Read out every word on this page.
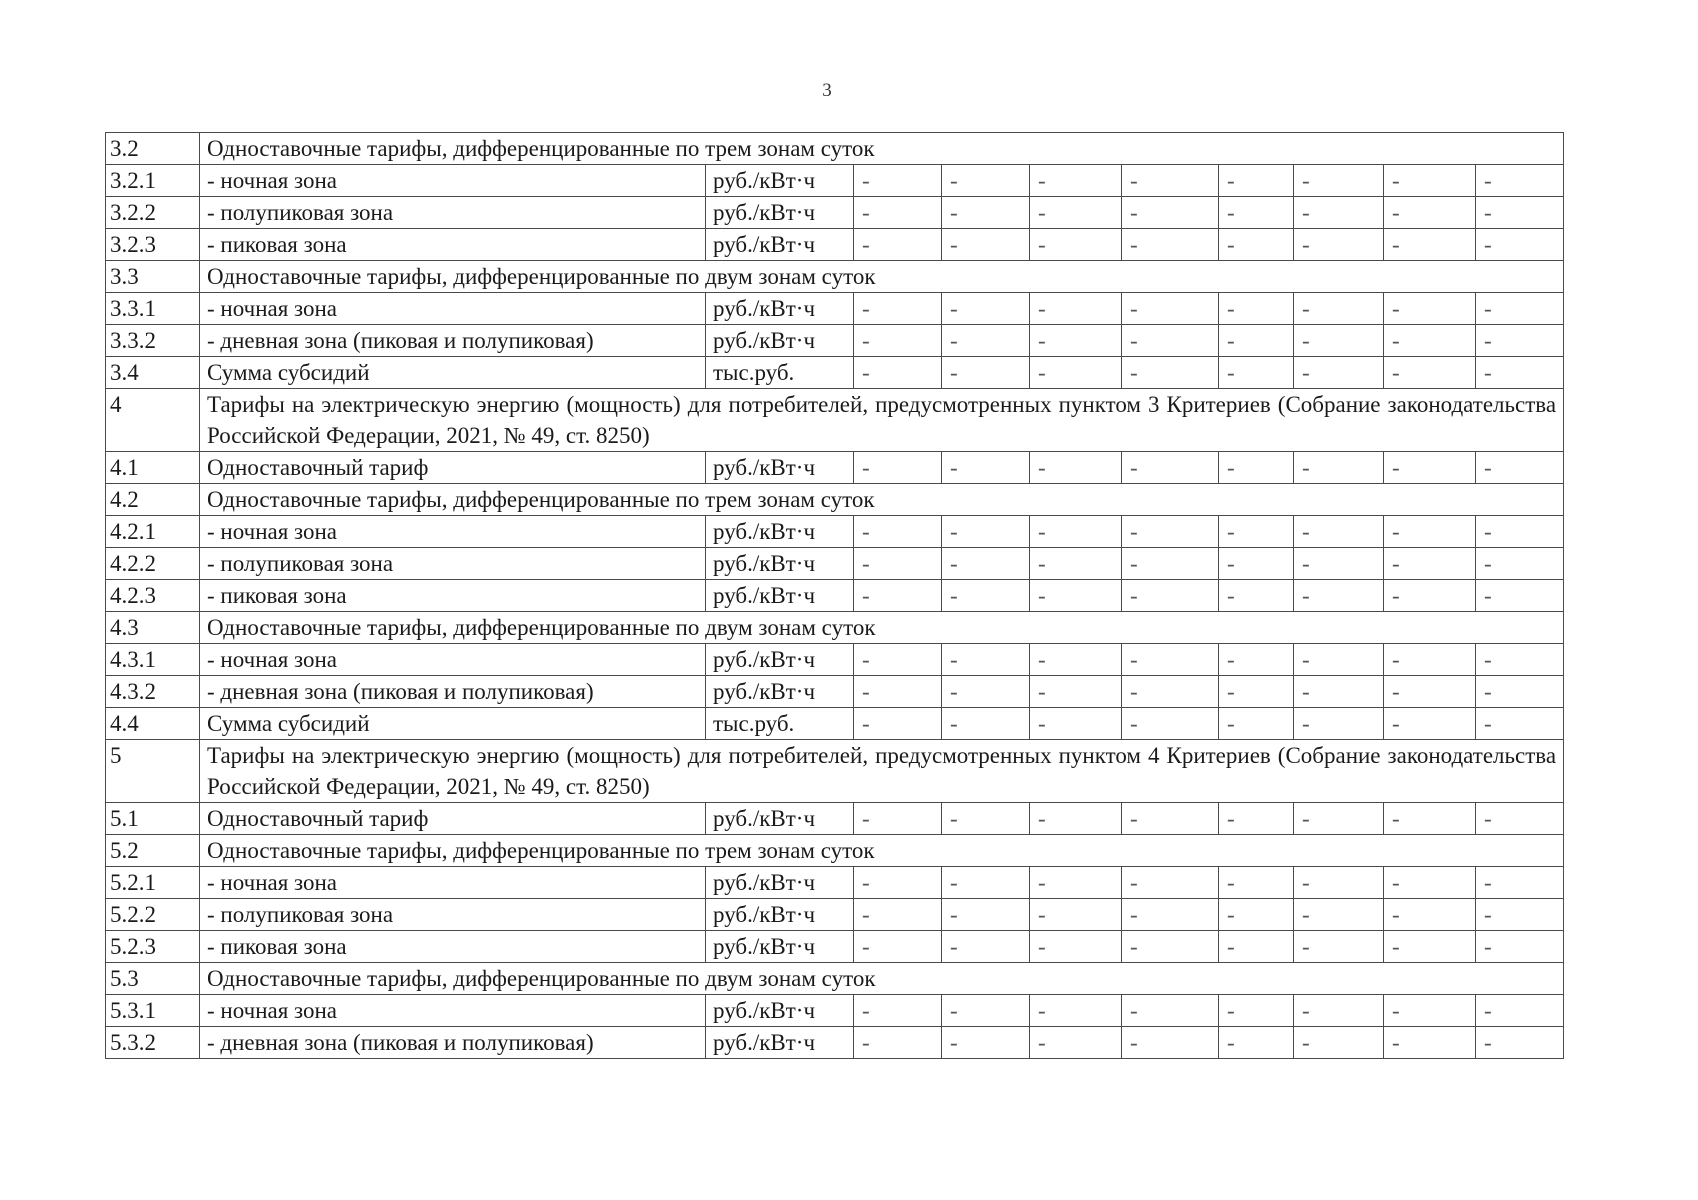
3
3.2	Одноставочные тарифы, дифференцированные по трем зонам суток									
3.2.1	- ночная зона	руб./кВт·ч	-	-	-	-	-	-	-	-
3.2.2	- полупиковая зона	руб./кВт·ч	-	-	-	-	-	-	-	-
3.2.3	- пиковая зона	руб./кВт·ч	-	-	-	-	-	-	-	-
3.3	Одноставочные тарифы, дифференцированные по двум зонам суток									
3.3.1	- ночная зона	руб./кВт·ч	-	-	-	-	-	-	-	-
3.3.2	- дневная зона (пиковая и полупиковая)	руб./кВт·ч	-	-	-	-	-	-	-	-
3.4	Сумма субсидий	тыс.руб.	-	-	-	-	-	-	-	-
4	Тарифы на электрическую энергию (мощность) для потребителей, предусмотренных пунктом 3 Критериев (Собрание законодательства Российской Федерации, 2021, № 49, ст. 8250)									
4.1	Одноставочный тариф	руб./кВт·ч	-	-	-	-	-	-	-	-
4.2	Одноставочные тарифы, дифференцированные по трем зонам суток									
4.2.1	- ночная зона	руб./кВт·ч	-	-	-	-	-	-	-	-
4.2.2	- полупиковая зона	руб./кВт·ч	-	-	-	-	-	-	-	-
4.2.3	- пиковая зона	руб./кВт·ч	-	-	-	-	-	-	-	-
4.3	Одноставочные тарифы, дифференцированные по двум зонам суток									
4.3.1	- ночная зона	руб./кВт·ч	-	-	-	-	-	-	-	-
4.3.2	- дневная зона (пиковая и полупиковая)	руб./кВт·ч	-	-	-	-	-	-	-	-
4.4	Сумма субсидий	тыс.руб.	-	-	-	-	-	-	-	-
5	Тарифы на электрическую энергию (мощность) для потребителей, предусмотренных пунктом 4 Критериев (Собрание законодательства Российской Федерации, 2021, № 49, ст. 8250)									
5.1	Одноставочный тариф	руб./кВт·ч	-	-	-	-	-	-	-	-
5.2	Одноставочные тарифы, дифференцированные по трем зонам суток									
5.2.1	- ночная зона	руб./кВт·ч	-	-	-	-	-	-	-	-
5.2.2	- полупиковая зона	руб./кВт·ч	-	-	-	-	-	-	-	-
5.2.3	- пиковая зона	руб./кВт·ч	-	-	-	-	-	-	-	-
5.3	Одноставочные тарифы, дифференцированные по двум зонам суток									
5.3.1	- ночная зона	руб./кВт·ч	-	-	-	-	-	-	-	-
5.3.2	- дневная зона (пиковая и полупиковая)	руб./кВт·ч	-	-	-	-	-	-	-	-
